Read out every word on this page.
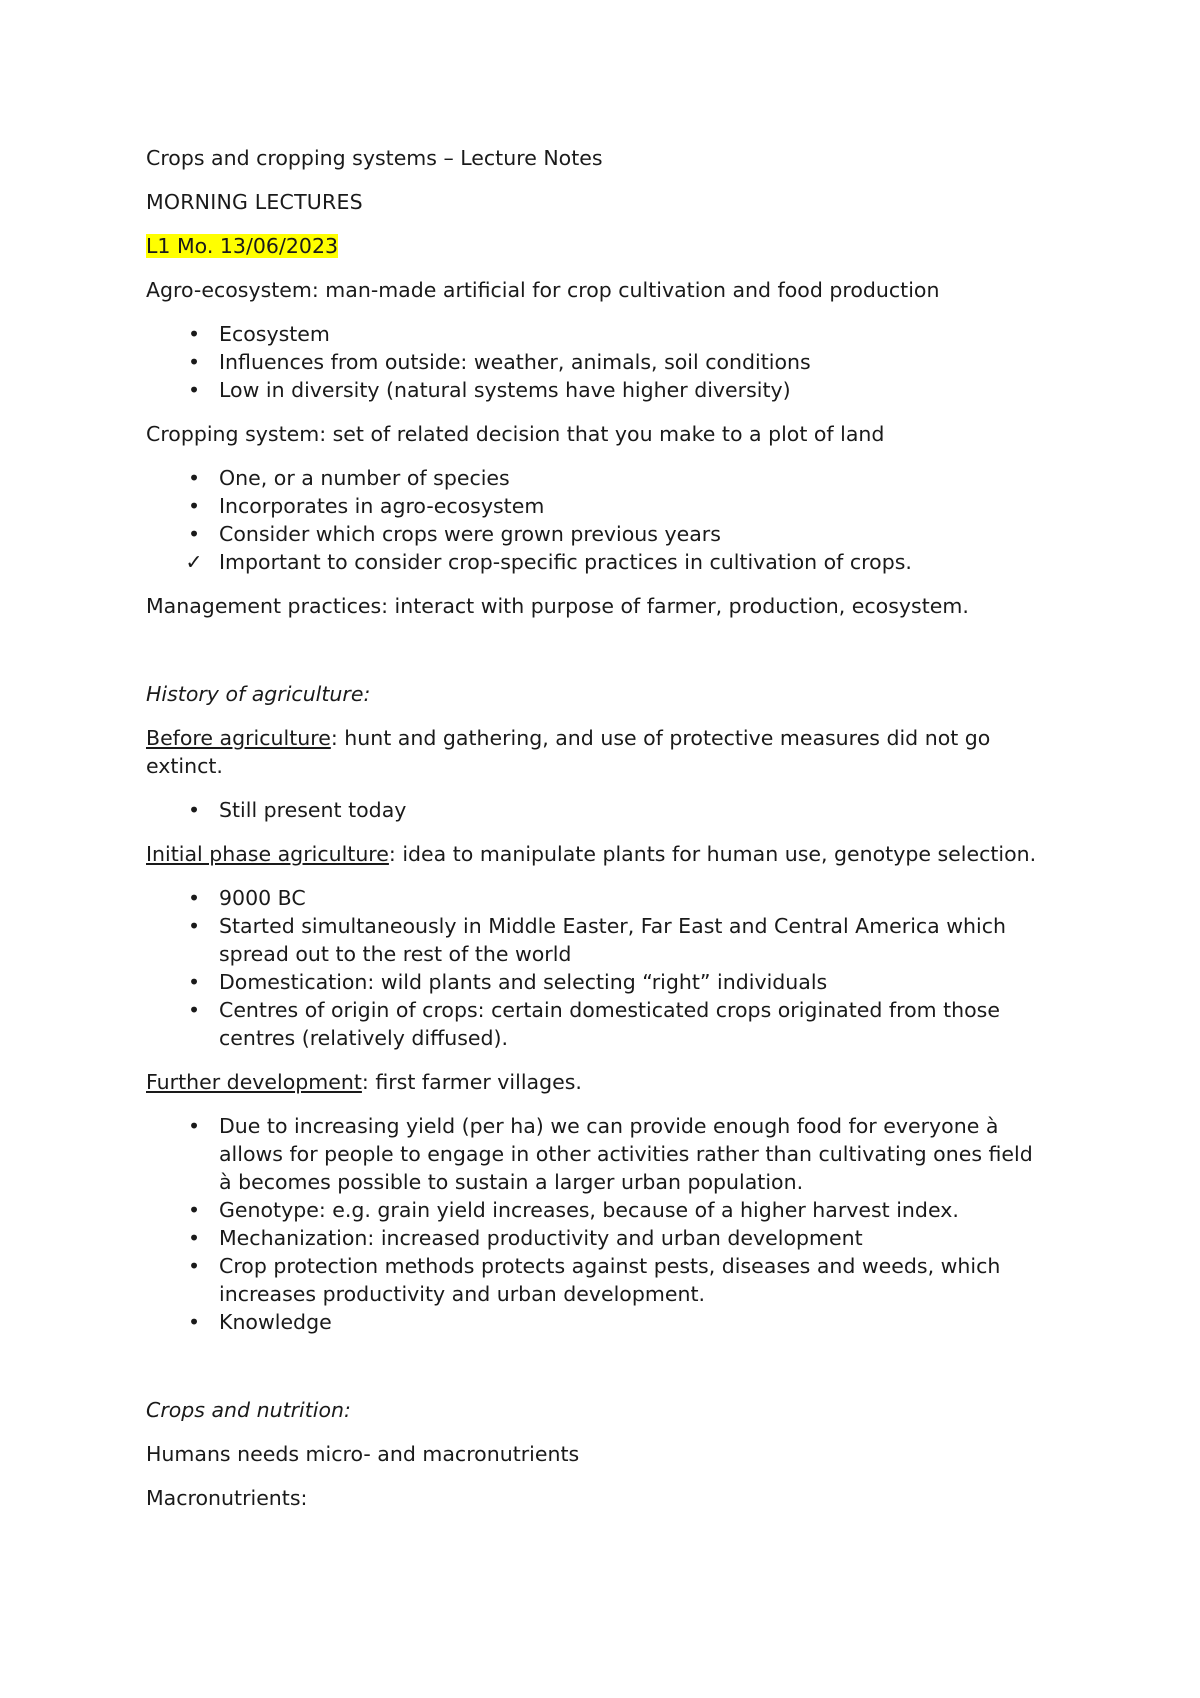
Crops and cropping systems – Lecture Notes

MORNING LECTURES

L1 Mo. 13/06/2023

Agro-ecosystem: man-made artificial for crop cultivation and food production

• Ecosystem
• Influences from outside: weather, animals, soil conditions
• Low in diversity (natural systems have higher diversity)

Cropping system: set of related decision that you make to a plot of land

• One, or a number of species
• Incorporates in agro-ecosystem
• Consider which crops were grown previous years
✓ Important to consider crop-specific practices in cultivation of crops.

Management practices: interact with purpose of farmer, production, ecosystem.

History of agriculture:

Before agriculture: hunt and gathering, and use of protective measures did not go extinct.

• Still present today

Initial phase agriculture: idea to manipulate plants for human use, genotype selection.

• 9000 BC
• Started simultaneously in Middle Easter, Far East and Central America which spread out to the rest of the world
• Domestication: wild plants and selecting “right” individuals
• Centres of origin of crops: certain domesticated crops originated from those centres (relatively diffused).

Further development: first farmer villages.

• Due to increasing yield (per ha) we can provide enough food for everyone à allows for people to engage in other activities rather than cultivating ones field à becomes possible to sustain a larger urban population.
• Genotype: e.g. grain yield increases, because of a higher harvest index.
• Mechanization: increased productivity and urban development
• Crop protection methods protects against pests, diseases and weeds, which increases productivity and urban development.
• Knowledge

Crops and nutrition:

Humans needs micro- and macronutrients

Macronutrients:
